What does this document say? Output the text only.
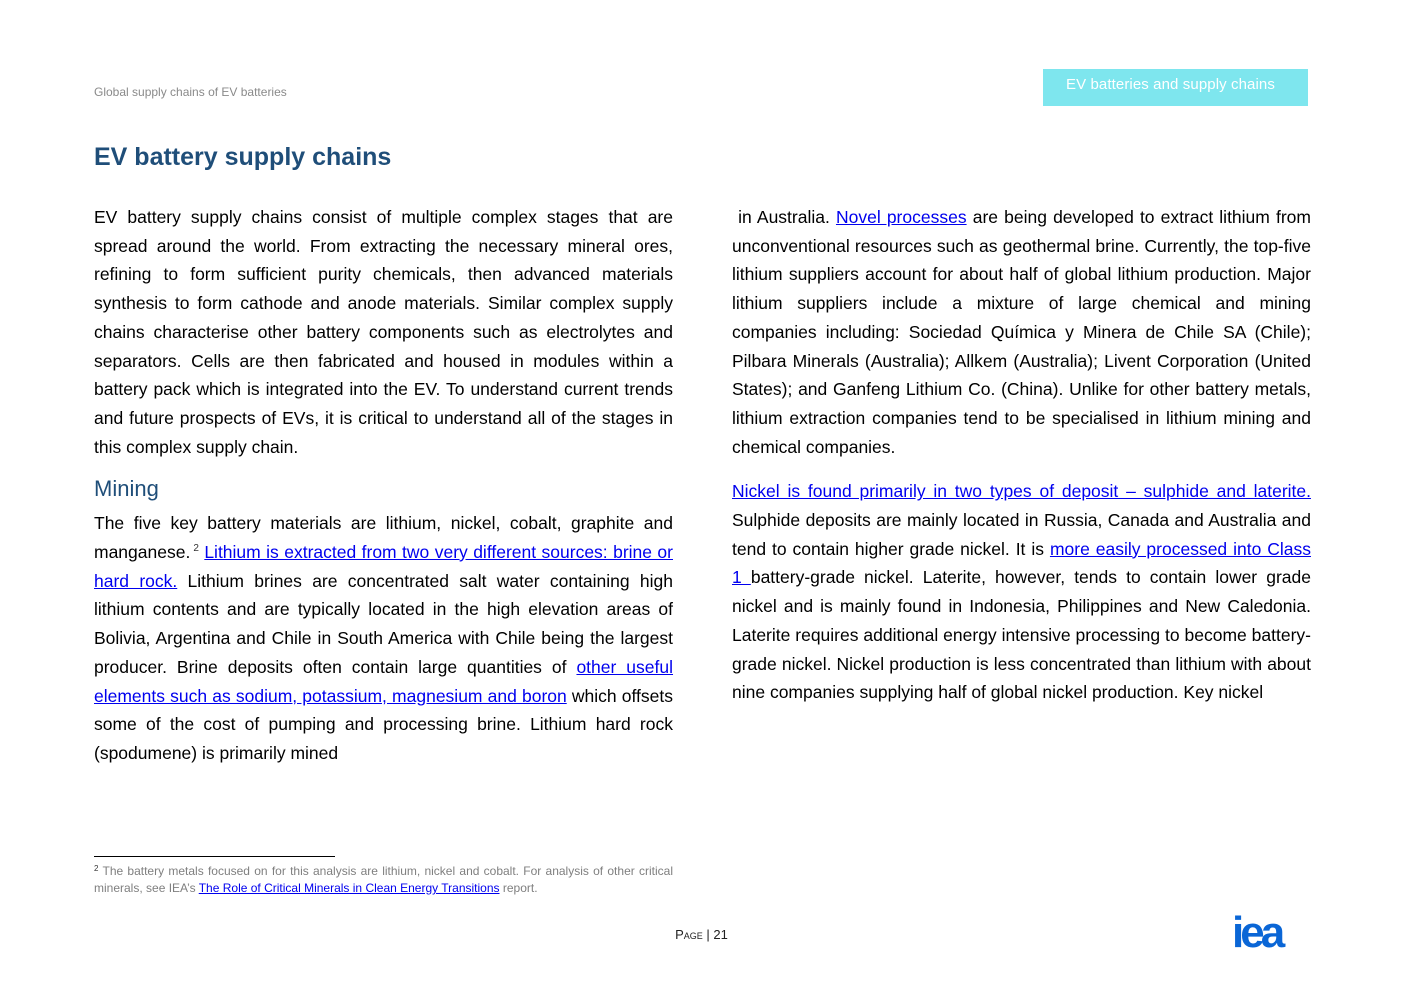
Global supply chains of EV batteries	EV batteries and supply chains
EV battery supply chains

EV battery supply chains consist of multiple complex stages that are spread around the world. From extracting the necessary mineral ores, refining to form sufficient purity chemicals, then advanced materials synthesis to form cathode and anode materials. Similar complex supply chains characterise other battery components such as electrolytes and separators. Cells are then fabricated and housed in modules within a battery pack which is integrated into the EV. To understand current trends and future prospects of EVs, it is critical to understand all of the stages in this complex supply chain.

Mining

The five key battery materials are lithium, nickel, cobalt, graphite and manganese. $^2$ Lithium is extracted from two very different sources: brine or hard rock. Lithium brines are concentrated salt water containing high lithium contents and are typically located in the high elevation areas of Bolivia, Argentina and Chile in South America with Chile being the largest producer. Brine deposits often contain large quantities of other useful elements such as sodium, potassium, magnesium and boron which offsets some of the cost of pumping and processing brine. Lithium hard rock (spodumene) is primarily mined

in Australia. Novel processes are being developed to extract lithium from unconventional resources such as geothermal brine. Currently, the top-five lithium suppliers account for about half of global lithium production. Major lithium suppliers include a mixture of large chemical and mining companies including: Sociedad Química y Minera de Chile SA (Chile); Pilbara Minerals (Australia); Allkem (Australia); Livent Corporation (United States); and Ganfeng Lithium Co. (China). Unlike for other battery metals, lithium extraction companies tend to be specialised in lithium mining and chemical companies.

Nickel is found primarily in two types of deposit – sulphide and laterite. Sulphide deposits are mainly located in Russia, Canada and Australia and tend to contain higher grade nickel. It is more easily processed into Class 1 battery-grade nickel. Laterite, however, tends to contain lower grade nickel and is mainly found in Indonesia, Philippines and New Caledonia. Laterite requires additional energy intensive processing to become battery-grade nickel. Nickel production is less concentrated than lithium with about nine companies supplying half of global nickel production. Key nickel

$^2$ The battery metals focused on for this analysis are lithium, nickel and cobalt. For analysis of other critical minerals, see IEA’s The Role of Critical Minerals in Clean Energy Transitions report.
Page | 21	iea
